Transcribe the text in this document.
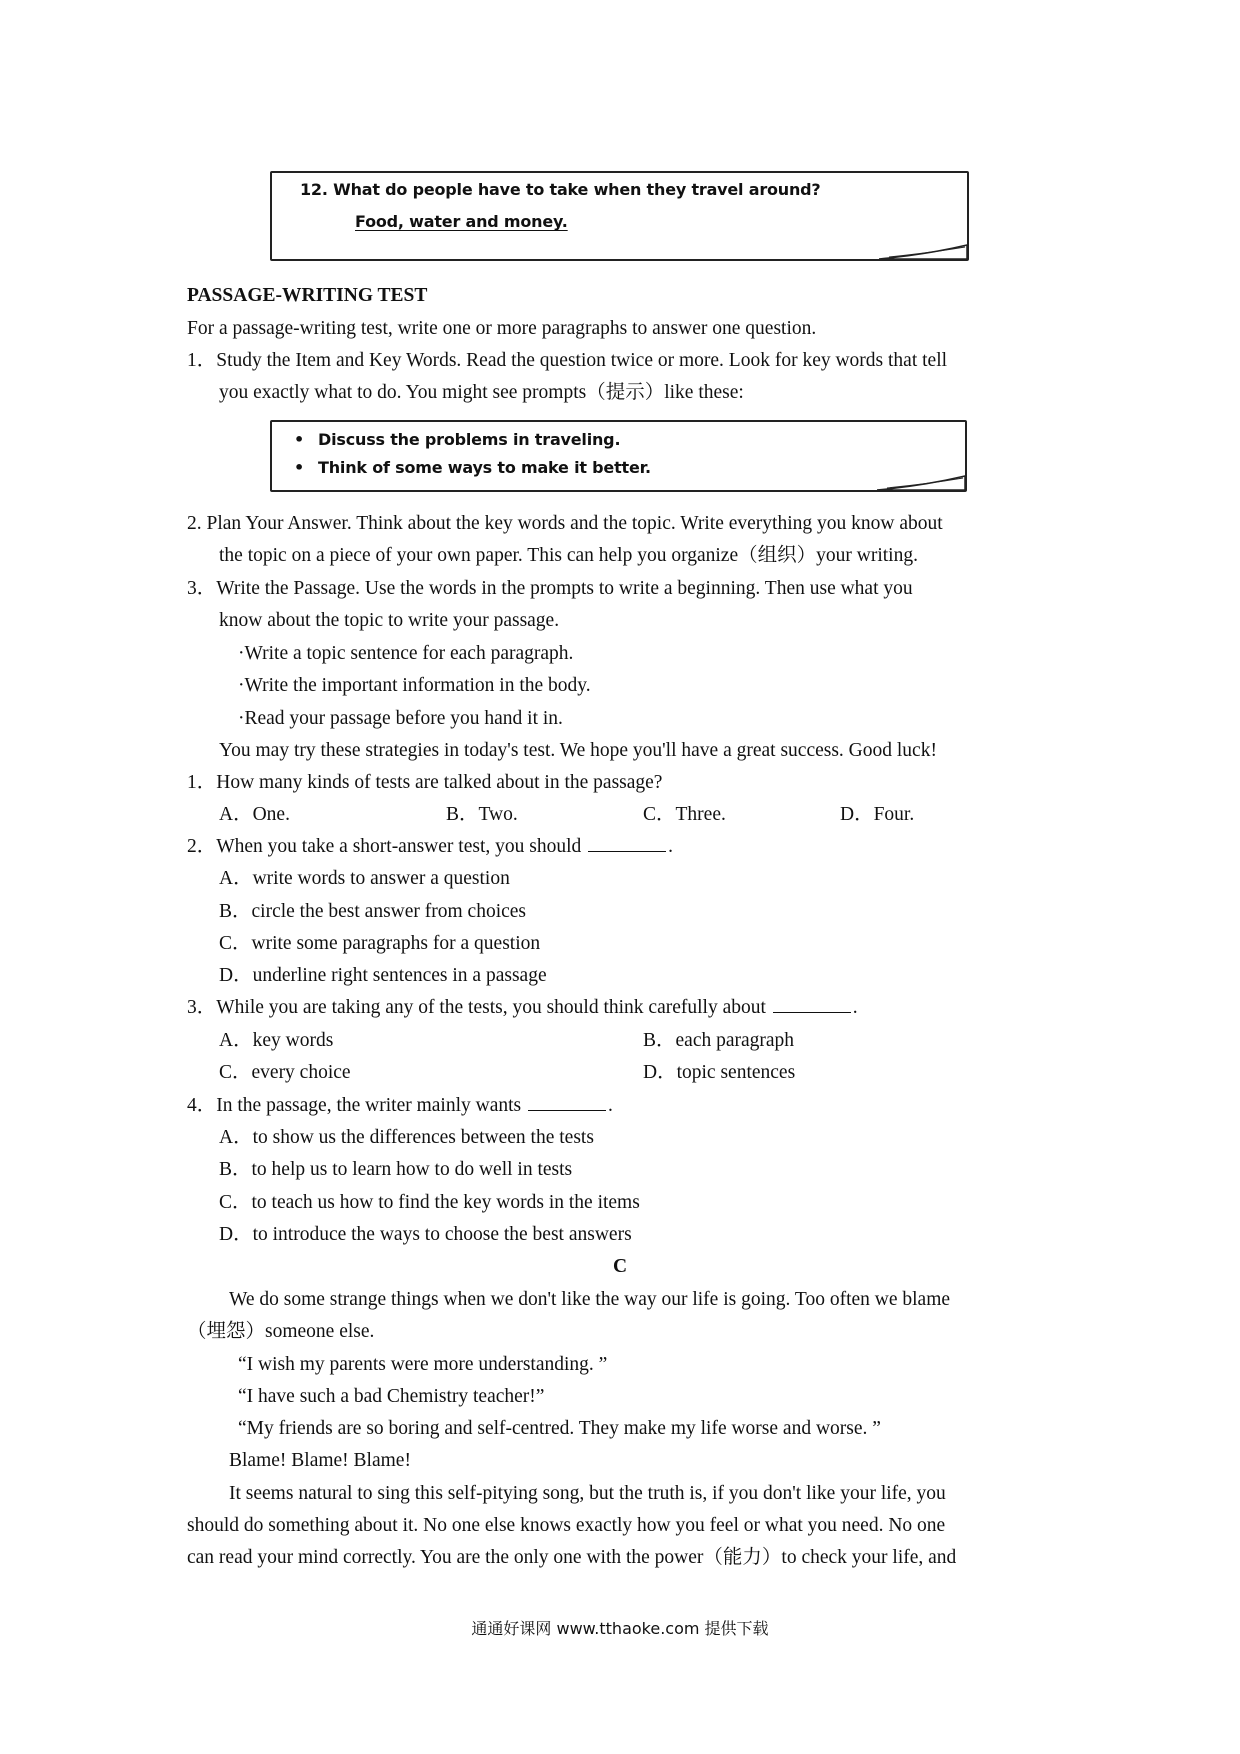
12. What do people have to take when they travel around?
Food, water and money.
PASSAGE-WRITING TEST
For a passage-writing test, write one or more paragraphs to answer one question.
1．Study the Item and Key Words. Read the question twice or more. Look for key words that tell
you exactly what to do. You might see prompts（提示）like these:
• Discuss the problems in traveling.
• Think of some ways to make it better.
2. Plan Your Answer. Think about the key words and the topic. Write everything you know about
the topic on a piece of your own paper. This can help you organize（组织）your writing.
3．Write the Passage. Use the words in the prompts to write a beginning. Then use what you
know about the topic to write your passage.
·Write a topic sentence for each paragraph.
·Write the important information in the body.
·Read your passage before you hand it in.
You may try these strategies in today's test. We hope you'll have a great success. Good luck!
1．How many kinds of tests are talked about in the passage?
A．One.	B．Two.	C．Three.	D．Four.
2．When you take a short-answer test, you should	.
A．write words to answer a question
B．circle the best answer from choices
C．write some paragraphs for a question
D．underline right sentences in a passage
3．While you are taking any of the tests, you should think carefully about	.
A．key words	B．each paragraph
C．every choice	D．topic sentences
4．In the passage, the writer mainly wants	.
A．to show us the differences between the tests
B．to help us to learn how to do well in tests
C．to teach us how to find the key words in the items
D．to introduce the ways to choose the best answers
C
We do some strange things when we don't like the way our life is going. Too often we blame
（埋怨）someone else.
“I wish my parents were more understanding. ”
“I have such a bad Chemistry teacher!”
“My friends are so boring and self-centred. They make my life worse and worse. ”
Blame! Blame! Blame!
It seems natural to sing this self-pitying song, but the truth is, if you don't like your life, you
should do something about it. No one else knows exactly how you feel or what you need. No one
can read your mind correctly. You are the only one with the power（能力）to check your life, and
通通好课网 www.tthaoke.com 提供下载
